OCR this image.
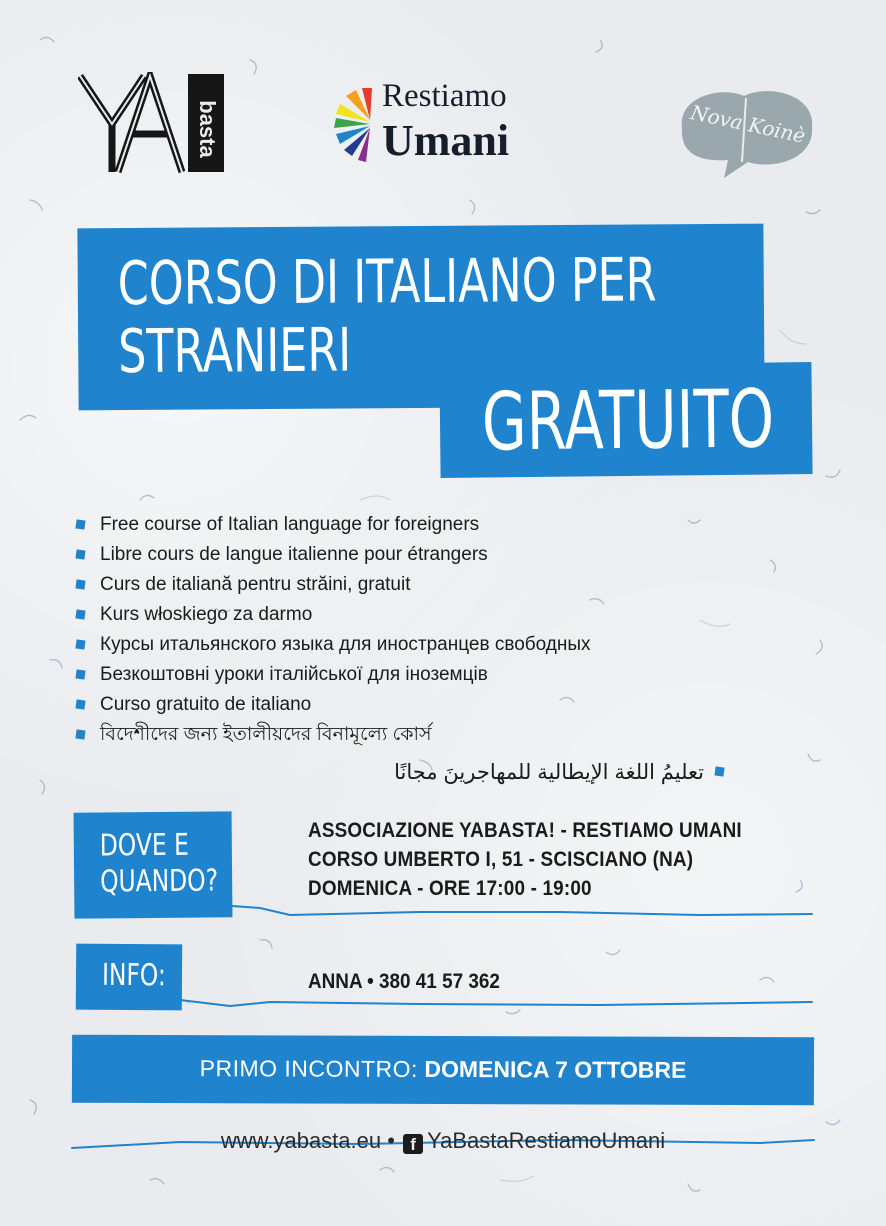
basta
Restiamo
Umani	Nova Koinè
CORSO DI ITALIANO PER
STRANIERI
GRATUITO
Free course of Italian language for foreigners
Libre cours de langue italienne pour étrangers
Curs de italiană pentru străini, gratuit
Kurs włoskiego za darmo
Курсы итальянского языка для иностранцев свободных
Безкоштовні уроки італійської для іноземців
Curso gratuito de italiano
বিদেশীদের জন্য ইতালীয়দের বিনামূল্যে কোর্স
تعليمُ اللغة الإيطالية للمهاجرينَ مجانًا
DOVE E
QUANDO?
ASSOCIAZIONE YABASTA! - RESTIAMO UMANI
CORSO UMBERTO I, 51 - SCISCIANO (NA)
DOMENICA - ORE 17:00 - 19:00
INFO:	ANNA • 380 41 57 362
PRIMO INCONTRO: DOMENICA 7 OTTOBRE
www.yabasta.eu • f YaBastaRestiamoUmani
